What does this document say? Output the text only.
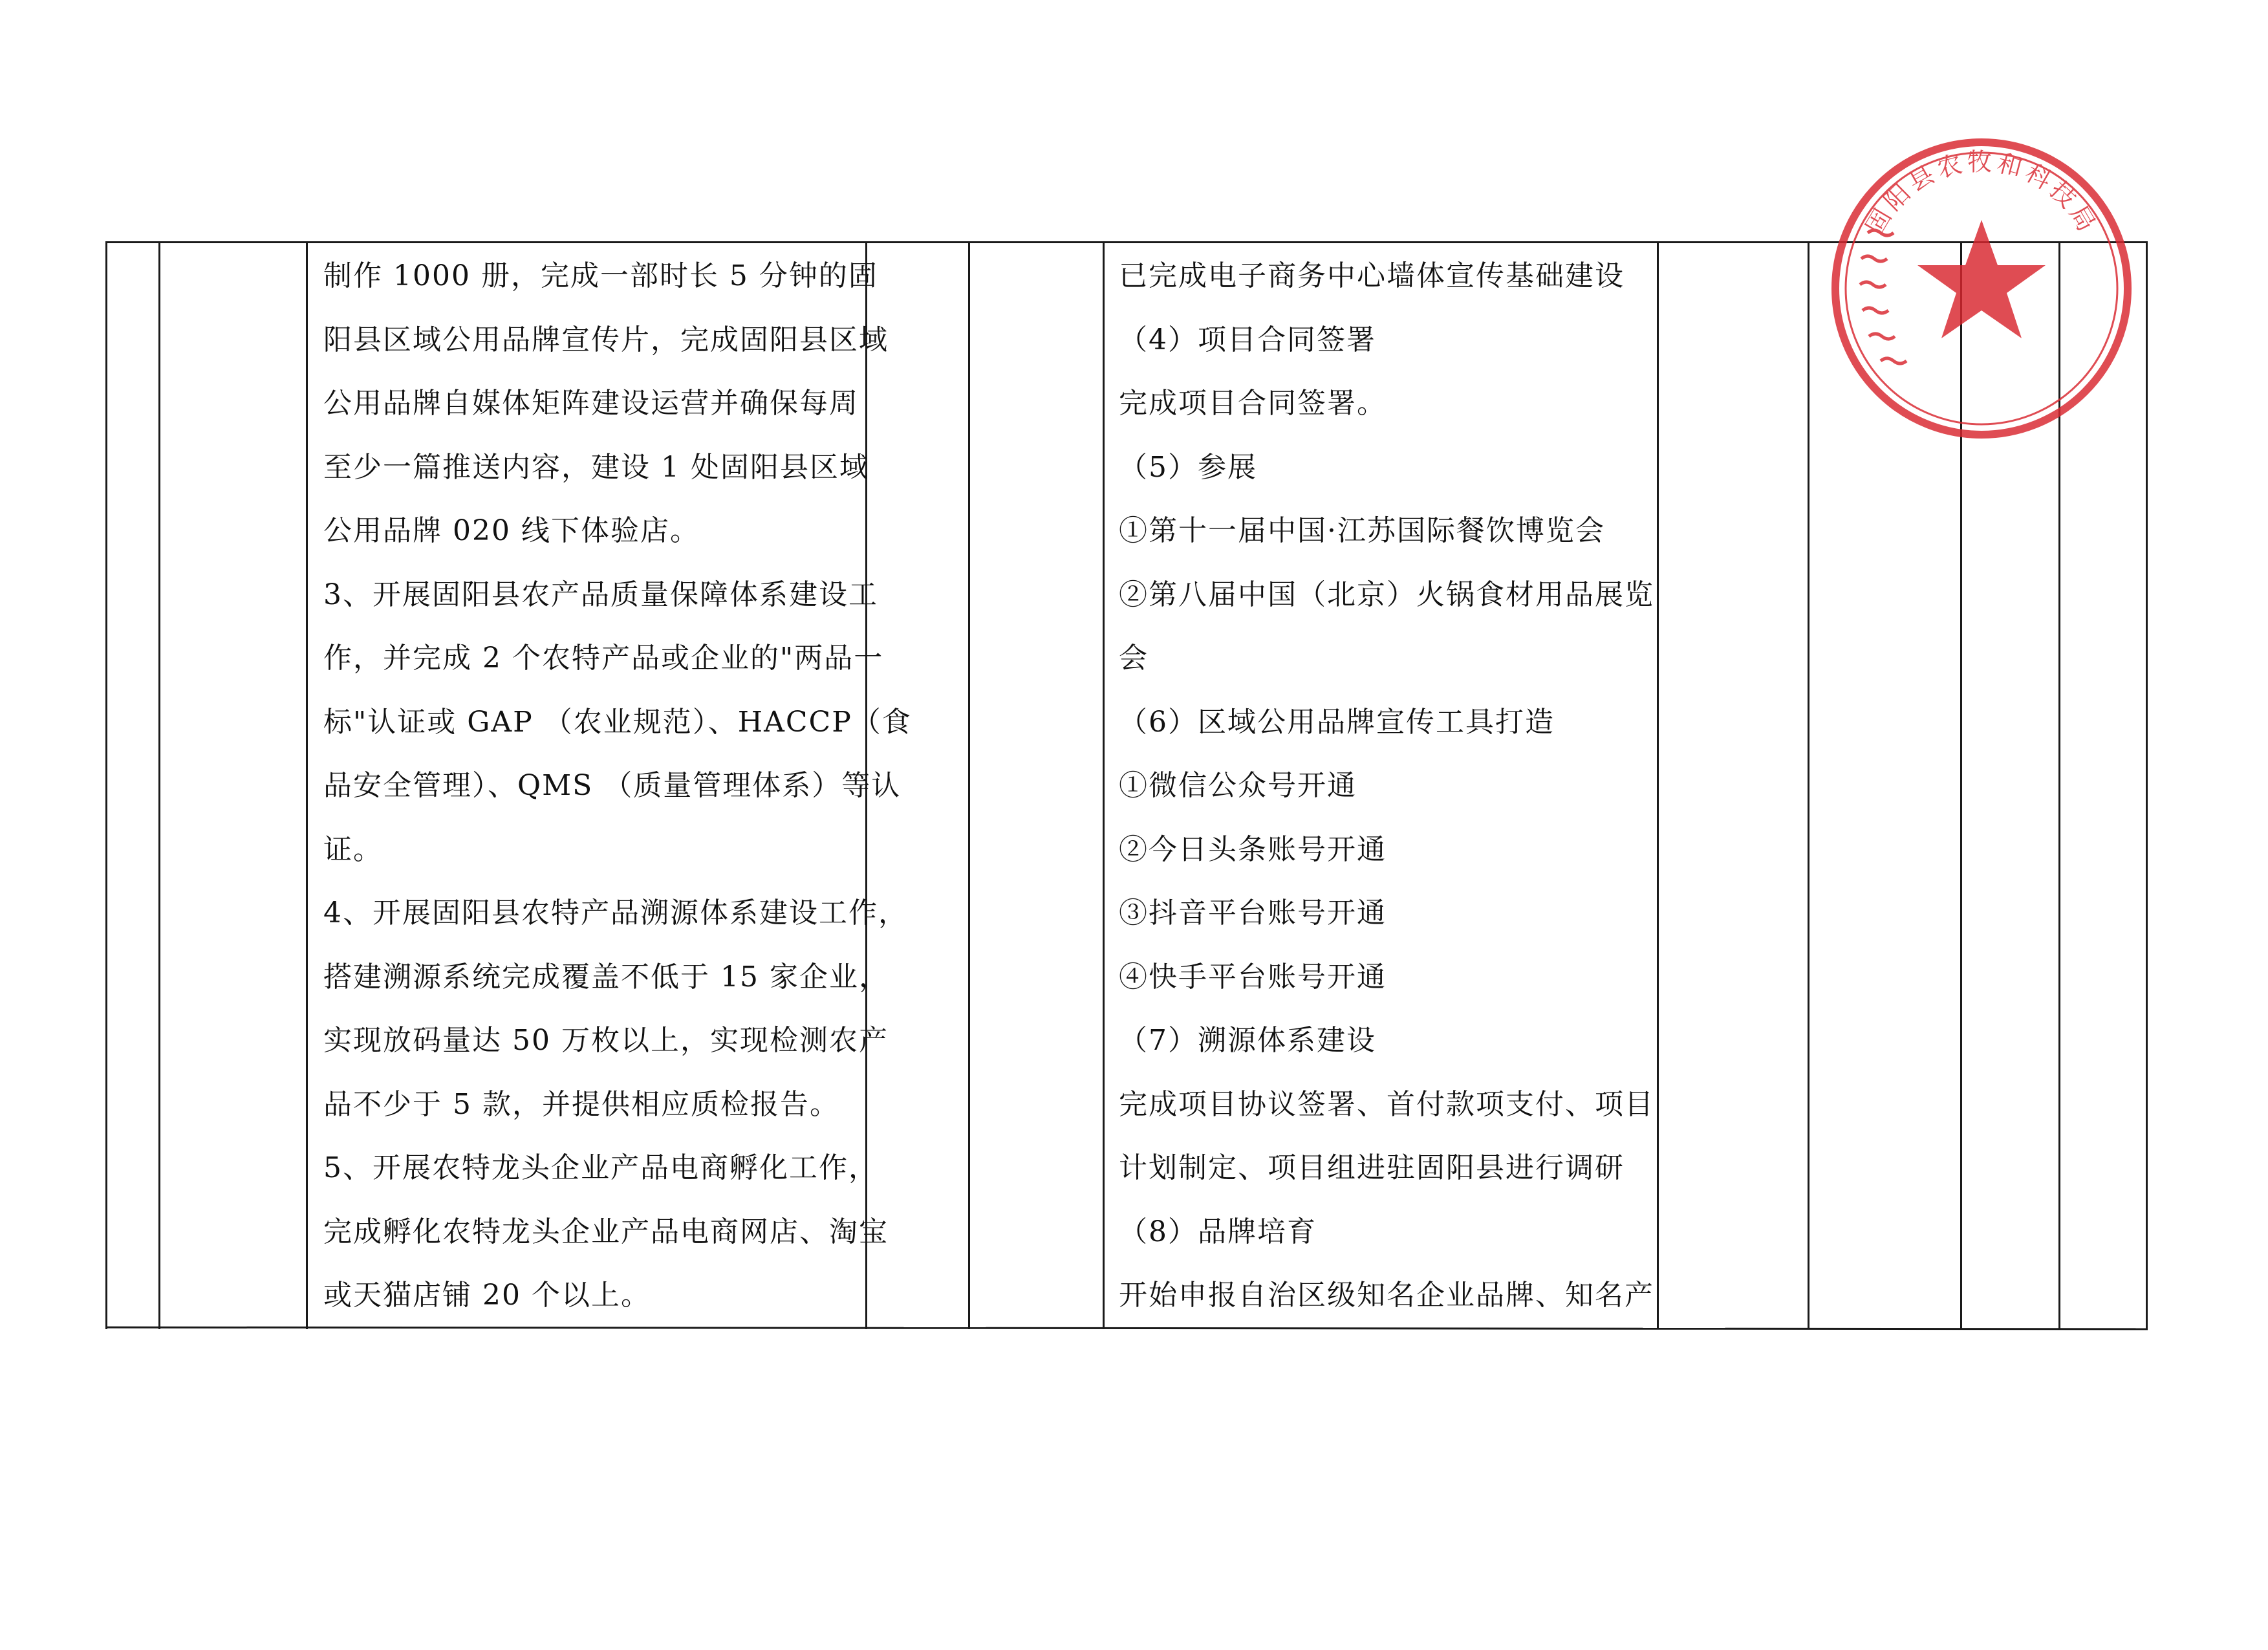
制作 1000 册，完成一部时长 5 分钟的固
阳县区域公用品牌宣传片，完成固阳县区域
公用品牌自媒体矩阵建设运营并确保每周
至少一篇推送内容，建设 1 处固阳县区域
公用品牌 020 线下体验店。
3、开展固阳县农产品质量保障体系建设工
作，并完成 2 个农特产品或企业的"两品一
标"认证或 GAP （农业规范）、HACCP（食
品安全管理）、QMS （质量管理体系）等认
证。
4、开展固阳县农特产品溯源体系建设工作，
搭建溯源系统完成覆盖不低于 15 家企业，
实现放码量达 50 万枚以上，实现检测农产
品不少于 5 款，并提供相应质检报告。
5、开展农特龙头企业产品电商孵化工作，
完成孵化农特龙头企业产品电商网店、淘宝
或天猫店铺 20 个以上。
已完成电子商务中心墙体宣传基础建设
（4）项目合同签署
完成项目合同签署。
（5）参展
①第十一届中国·江苏国际餐饮博览会
②第八届中国（北京）火锅食材用品展览
会
（6）区域公用品牌宣传工具打造
①微信公众号开通
②今日头条账号开通
③抖音平台账号开通
④快手平台账号开通
（7）溯源体系建设
完成项目协议签署、首付款项支付、项目
计划制定、项目组进驻固阳县进行调研
（8）品牌培育
开始申报自治区级知名企业品牌、知名产
固阳县农牧和科技局
